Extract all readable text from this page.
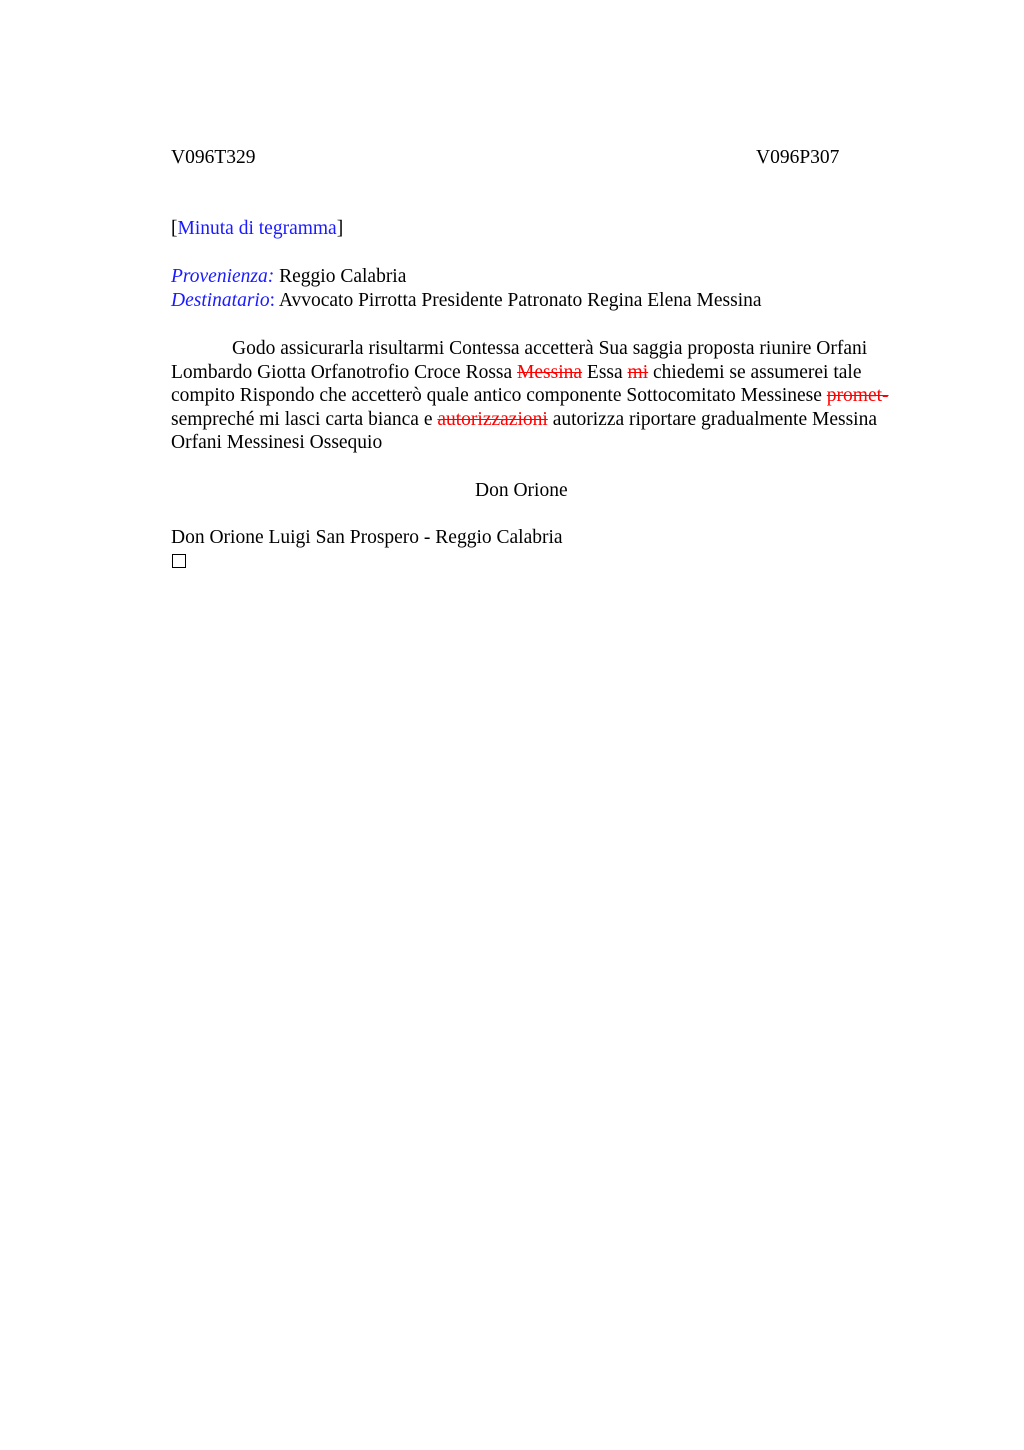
V096T329	V096P307
[Minuta di tegramma]
Provenienza: Reggio Calabria
Destinatario: Avvocato Pirrotta Presidente Patronato Regina Elena Messina
Godo assicurarla risultarmi Contessa accetterà Sua saggia proposta riunire Orfani
Lombardo Giotta Orfanotrofio Croce Rossa Messina Essa mi chiedemi se assumerei tale
compito Rispondo che accetterò quale antico componente Sottocomitato Messinese promet-
sempreché mi lasci carta bianca e autorizzazioni autorizza riportare gradualmente Messina
Orfani Messinesi Ossequio
Don Orione
Don Orione Luigi San Prospero - Reggio Calabria
